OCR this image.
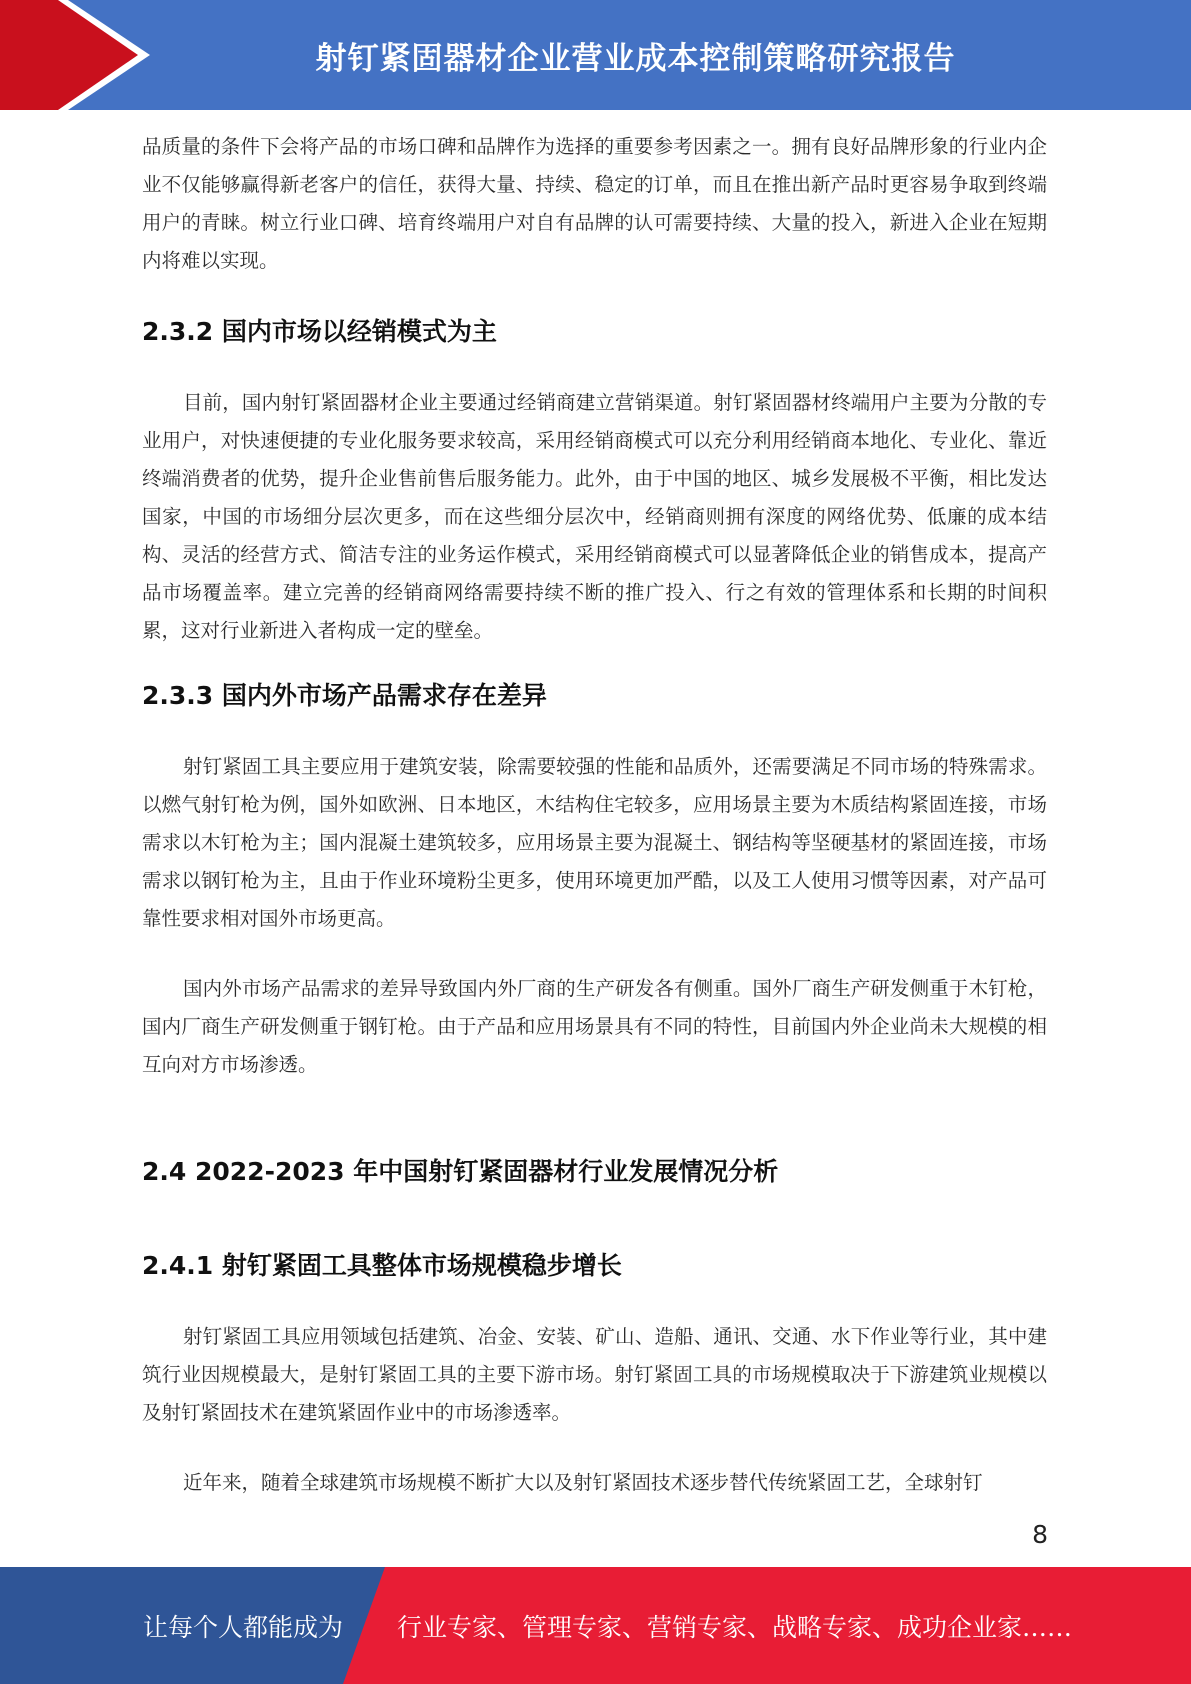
射钉紧固器材企业营业成本控制策略研究报告

品质量的条件下会将产品的市场口碑和品牌作为选择的重要参考因素之一。拥有良好品牌形象的行业内企业不仅能够赢得新老客户的信任，获得大量、持续、稳定的订单，而且在推出新产品时更容易争取到终端用户的青睐。树立行业口碑、培育终端用户对自有品牌的认可需要持续、大量的投入，新进入企业在短期内将难以实现。

2.3.2 国内市场以经销模式为主

目前，国内射钉紧固器材企业主要通过经销商建立营销渠道。射钉紧固器材终端用户主要为分散的专业用户，对快速便捷的专业化服务要求较高，采用经销商模式可以充分利用经销商本地化、专业化、靠近终端消费者的优势，提升企业售前售后服务能力。此外，由于中国的地区、城乡发展极不平衡，相比发达国家，中国的市场细分层次更多，而在这些细分层次中，经销商则拥有深度的网络优势、低廉的成本结构、灵活的经营方式、简洁专注的业务运作模式，采用经销商模式可以显著降低企业的销售成本，提高产品市场覆盖率。建立完善的经销商网络需要持续不断的推广投入、行之有效的管理体系和长期的时间积累，这对行业新进入者构成一定的壁垒。

2.3.3 国内外市场产品需求存在差异

射钉紧固工具主要应用于建筑安装，除需要较强的性能和品质外，还需要满足不同市场的特殊需求。以燃气射钉枪为例，国外如欧洲、日本地区，木结构住宅较多，应用场景主要为木质结构紧固连接，市场需求以木钉枪为主；国内混凝土建筑较多，应用场景主要为混凝土、钢结构等坚硬基材的紧固连接，市场需求以钢钉枪为主，且由于作业环境粉尘更多，使用环境更加严酷，以及工人使用习惯等因素，对产品可靠性要求相对国外市场更高。

国内外市场产品需求的差异导致国内外厂商的生产研发各有侧重。国外厂商生产研发侧重于木钉枪，国内厂商生产研发侧重于钢钉枪。由于产品和应用场景具有不同的特性，目前国内外企业尚未大规模的相互向对方市场渗透。

2.4 2022-2023 年中国射钉紧固器材行业发展情况分析
2.4.1 射钉紧固工具整体市场规模稳步增长

射钉紧固工具应用领域包括建筑、冶金、安装、矿山、造船、通讯、交通、水下作业等行业，其中建筑行业因规模最大，是射钉紧固工具的主要下游市场。射钉紧固工具的市场规模取决于下游建筑业规模以及射钉紧固技术在建筑紧固作业中的市场渗透率。

近年来，随着全球建筑市场规模不断扩大以及射钉紧固技术逐步替代传统紧固工艺，全球射钉

8
让每个人都能成为 行业专家、管理专家、营销专家、战略专家、成功企业家……
